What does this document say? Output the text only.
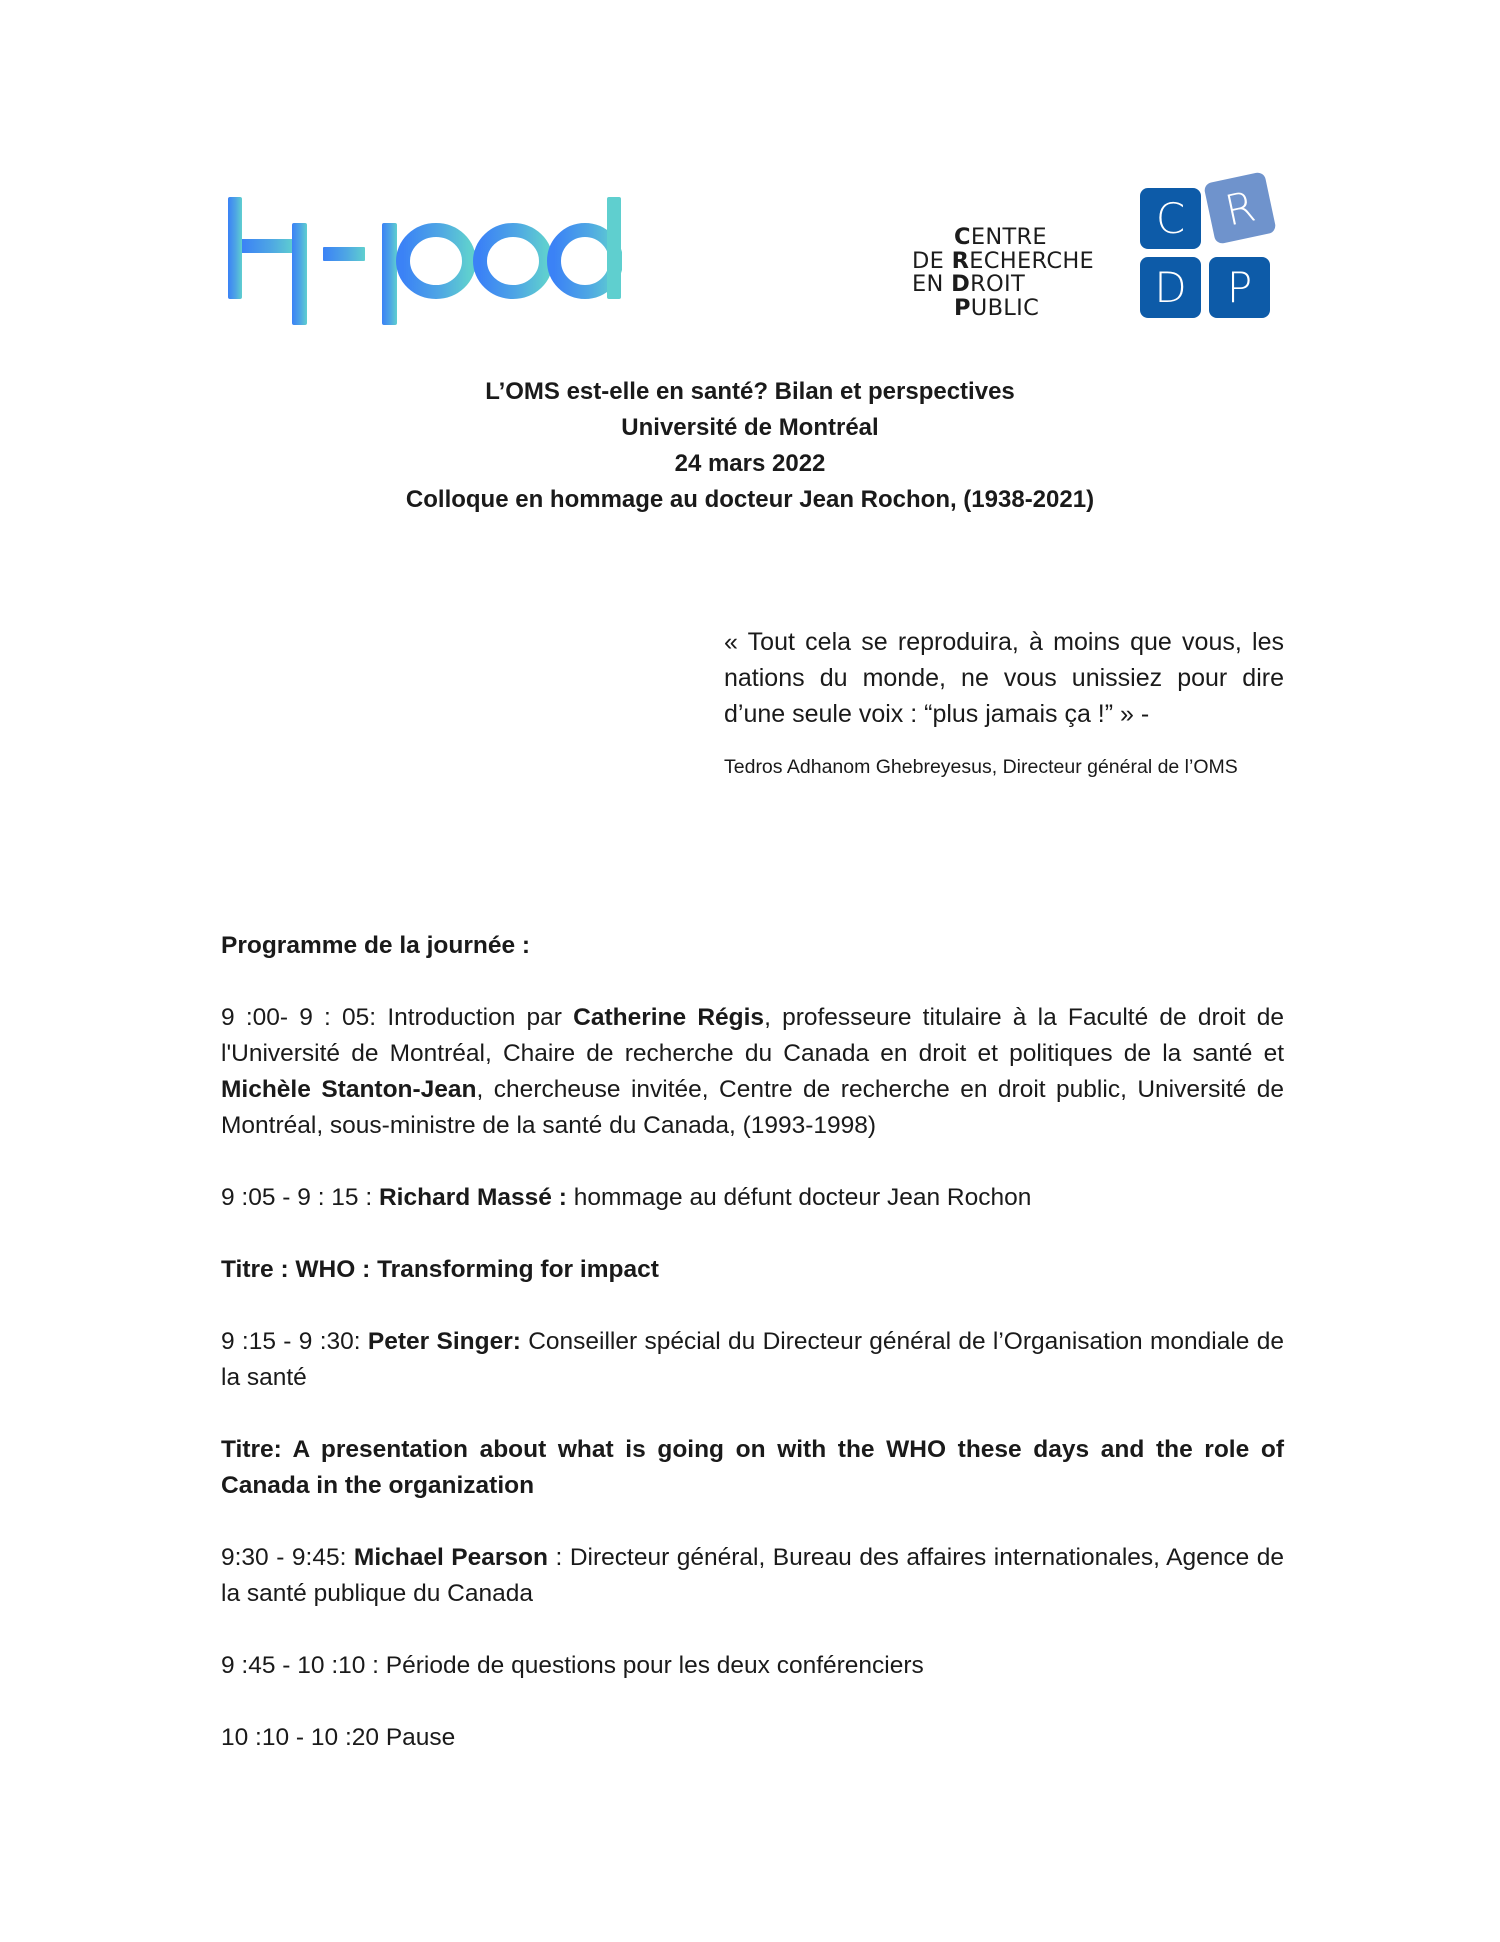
CENTRE
DE RECHERCHE
EN DROIT
PUBLIC
C R
D P
L’OMS est-elle en santé? Bilan et perspectives
Université de Montréal
24 mars 2022
Colloque en hommage au docteur Jean Rochon, (1938-2021)
« Tout cela se reproduira, à moins que vous, les nations du monde, ne vous unissiez pour dire d’une seule voix : “plus jamais ça !” » -
Tedros Adhanom Ghebreyesus, Directeur général de l’OMS
Programme de la journée :
9 :00- 9 : 05: Introduction par Catherine Régis, professeure titulaire à la Faculté de droit de l'Université de Montréal, Chaire de recherche du Canada en droit et politiques de la santé et Michèle Stanton-Jean, chercheuse invitée, Centre de recherche en droit public, Université de Montréal, sous-ministre de la santé du Canada, (1993-1998)
9 :05 - 9 : 15 : Richard Massé : hommage au défunt docteur Jean Rochon
Titre : WHO : Transforming for impact
9 :15 - 9 :30: Peter Singer: Conseiller spécial du Directeur général de l’Organisation mondiale de la santé
Titre: A presentation about what is going on with the WHO these days and the role of Canada in the organization
9:30 - 9:45: Michael Pearson : Directeur général, Bureau des affaires internationales, Agence de la santé publique du Canada
9 :45 - 10 :10 : Période de questions pour les deux conférenciers
10 :10 - 10 :20 Pause
